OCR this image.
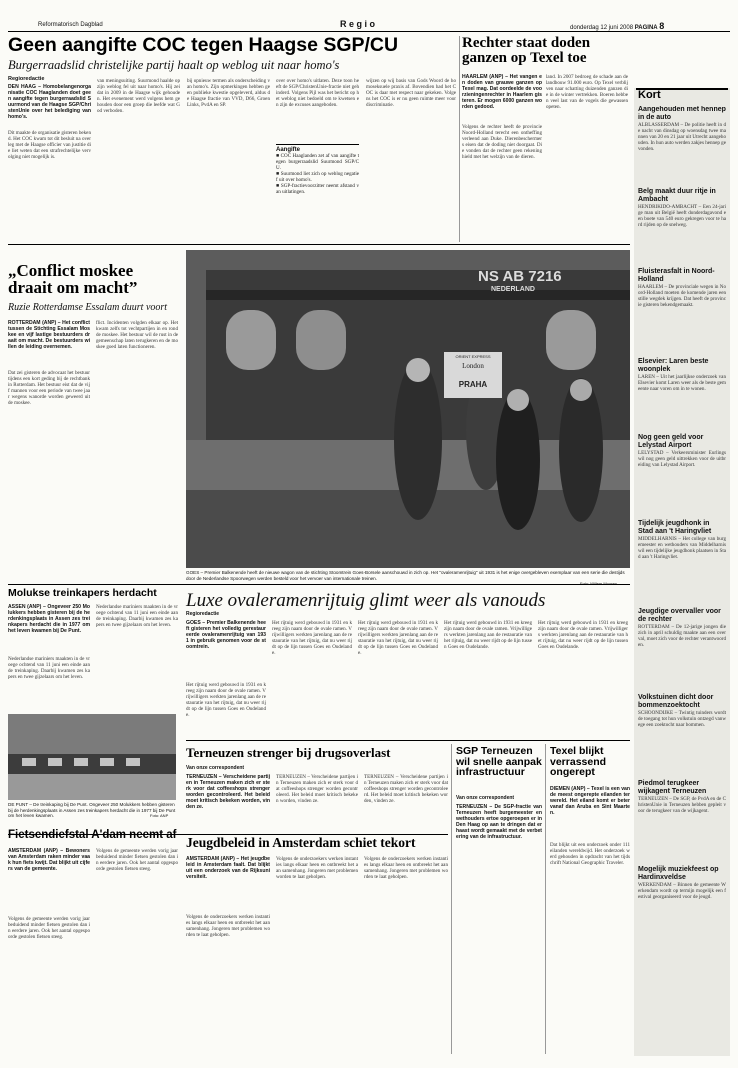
Reformatorisch Dagblad	R e g i o	donderdag 12 juni 2008 PAGINA 8
Geen aangifte COC tegen Haagse SGP/CU
Burgerraadslid christelijke partij haalt op weblog uit naar homo's
Regioredactie
DEN HAAG – Homobelangenorganisatie COC Haaglanden doet geen aangifte tegen burgerraadslid Suurmond van de Haagse SGP/ChristenUnie over het belediging van homo's.
Dit maakte de organisatie gisteren bekend. Het COC kwam tot dit besluit na overleg met de Haagse officier van justitie die liet weten dat een strafrechtelijke vervolging niet mogelijk is.
van meningsuiting. Suurmond haalde op zijn weblog fel uit naar homo's. Hij zei dat in 2009 in de Haagse wijk gehouden. Het evenement werd volgens hem gehouden door een groep die leefde wat God verboden.
bij opnieuw termen als onderscheiding van homo's. Zijn opmerkingen hebben geen publieke kwestie opgeleverd, aldus de Haagse fractie van VVD, D66, GroenLinks, PvdA en SP.
over over homo's uitlaten. Deze toon heeft de SGP/ChristenUnie-fractie niet gehinderd. Volgens Pijl was het bericht op het weblog niet bedoeld om te kwetsen en zijn de excuses aangeboden.
Aangifte
■ COC Haaglanden zet af van aangifte tegen burgerraadslid Suurmond SGP/CU.
■ Suurmond liet zich op weblog negatief uit over homo's.
■ SGP-fractievoorzitter neemt afstand van uitlatingen.
wijzen op wij basis van Gods Woord de homoseksuele praxis af. Bovendien had het COC is daar met respect naar gekeken. Volgens het COC is er nu geen ruimte meer voor discriminatie.
Rechter staat doden ganzen op Texel toe
HAARLEM (ANP) – Het vangen en doden van grauwe ganzen op Texel mag. Dat oordeelde de voorzieningenrechter in Haarlem gisteren. Er mogen 6000 ganzen worden gedood.
Volgens de rechter heeft de provincie Noord-Holland terecht een ontheffing verleend aan Duke. Dierenbeschermers eisen dat de doding niet doorgaat. Die vonden dat de rechter geen rekening hield met het welzijn van de dieren.
land. In 2007 bedroeg de schade aan de landbouw 91.000 euro. Op Texel verblijven naar schatting duizenden ganzen die in de winter vertrekken. Boeren hebben veel last van de vogels die gewassen opeten.
Kort
Aangehouden met hennep in de auto
ALBLASSERDAM – De politie heeft in de nacht van dinsdag op woensdag twee mannen van 20 en 21 jaar uit Utrecht aangehouden. In hun auto werden zakjes hennep gevonden.
Belg maakt duur ritje in Ambacht
HENDRIKIDO-AMBACHT – Een 24-jarige man uit België heeft donderdagavond een boete van 540 euro gekregen voor te hard rijden op de snelweg.
Fluisterasfalt in Noord-Holland
HAARLEM – De provinciale wegen in Noord-Holland moeten de komende jaren een stille wegdek krijgen. Dat heeft de provincie gisteren bekendgemaakt.
Elsevier: Laren beste woonplek
LAREN – Uit het jaarlijkse onderzoek van Elsevier komt Laren weer als de beste gemeente naar voren om in te wonen.
Nog geen geld voor Lelystad Airport
LELYSTAD – Verkeersminister Eurlings wil nog geen geld uittrekken voor de uitbreiding van Lelystad Airport.
Tijdelijk jeugdhonk in Stad aan 't Haringvliet
MIDDELHARNIS – Het college van burgemeester en wethouders van Middelharnis wil een tijdelijke jeugdhonk plaatsen in Stad aan 't Haringvliet.
Jeugdige overvaller voor de rechter
ROTTERDAM – De 12-jarige jongen die zich in april schuldig maakte aan een overval, moet zich voor de rechter verantwoorden.
Volkstuinen dicht door bommenzoektocht
SCHOONDIJKE – Twintig tuinders wordt de toegang tot hun volkstuin ontzegd vanwege een zoektocht naar bommen.
Piedmol terugkeer wijkagent Terneuzen
TERNEUZEN – De SGP, de PvdA en de ChristenUnie in Terneuzen hebben gepleit voor de terugkeer van de wijkagent.
Mogelijk muziekfeest op Hardinxveldse
WERKENDAM – Binnen de gemeente Werkendam wordt op termijn mogelijk een festival georganiseerd voor de jeugd.
„Conflict moskee draait om macht”
Ruzie Rotterdamse Essalam duurt voort
ROTTERDAM (ANP) – Het conflict tussen de Stichting Essalam Moskee en vijf lastige bestuurders draait om macht. De bestuurders willen de leiding overnemen.
Dat zei gisteren de advocaat het bestuur tijdens een kort geding bij de rechtbank in Rotterdam. Het bestuur eist dat de vijf mannen voor een periode van twee jaar wegens wanorde worden geweerd uit de moskee.
flict. Incidenten volgden elkaar op. Het kwam zelfs tot vechtpartijen in en rond de moskee. Het bestuur wil de rust in de gemeenschap laten terugkeren en de moskee goed laten functioneren.
NS AB 7216
NEDERLAND
ORIENT EXPRESS
London
PRAHA
GOES – Premier Balkenende heeft de nieuwe wagon van de stichting Stoomtrein Goes-Borsele aanschouwd in zich op. Het "ovaleramenrijtuig" uit 1931 is het enige overgebleven exemplaar van een serie die destijds door de Nederlandse Spoorwegen werden besteld voor het vervoer van internationale treinen.
Foto: Willem Mooren
Molukse treinkapers herdacht
ASSEN (ANP) – Ongeveer 250 Molukkers hebben gisteren bij de herdenkingsplaats in Assen zes treinkapers herdacht die in 1977 om het leven kwamen bij De Punt.
Nederlandse mariniers maakten in de vroege ochtend van 11 juni een einde aan de treinkaping. Daarbij kwamen zes kapers en twee gijzelaars om het leven.
Nederlandse mariniers maakten in de vroege ochtend van 11 juni een einde aan de treinkaping. Daarbij kwamen zes kapers en twee gijzelaars om het leven.
DE PUNT – De treinkaping bij De Punt. Ongeveer 250 Molukkers hebben gisteren bij de herdenkingsplaats in Assen zes treinkapers herdacht die in 1977 bij De Punt om het leven kwamen.	Foto: ANP
Luxe ovaleramenrijtuig glimt weer als vanouds
Regioredactie
GOES – Premier Balkenende heeft gisteren het volledig gerestaureerde ovaleramenrijtuig van 1931 in gebruik genomen voor de stoomtrein.
Het rijtuig werd gebouwd in 1931 en kreeg zijn naam door de ovale ramen. Vrijwilligers werkten jarenlang aan de restauratie van het rijtuig, dat nu weer rijdt op de lijn tussen Goes en Oudelande.
Het rijtuig werd gebouwd in 1931 en kreeg zijn naam door de ovale ramen. Vrijwilligers werkten jarenlang aan de restauratie van het rijtuig, dat nu weer rijdt op de lijn tussen Goes en Oudelande.
Het rijtuig werd gebouwd in 1931 en kreeg zijn naam door de ovale ramen. Vrijwilligers werkten jarenlang aan de restauratie van het rijtuig, dat nu weer rijdt op de lijn tussen Goes en Oudelande.
Het rijtuig werd gebouwd in 1931 en kreeg zijn naam door de ovale ramen. Vrijwilligers werkten jarenlang aan de restauratie van het rijtuig, dat nu weer rijdt op de lijn tussen Goes en Oudelande.
Het rijtuig werd gebouwd in 1931 en kreeg zijn naam door de ovale ramen. Vrijwilligers werkten jarenlang aan de restauratie van het rijtuig, dat nu weer rijdt op de lijn tussen Goes en Oudelande.
Terneuzen strenger bij drugsoverlast
Van onze correspondent
TERNEUZEN – Verscheidene partijen in Terneuzen maken zich er sterk voor dat coffeeshops strenger worden gecontroleerd. Het beleid moet kritisch bekeken worden, vinden ze.
TERNEUZEN – Verscheidene partijen in Terneuzen maken zich er sterk voor dat coffeeshops strenger worden gecontroleerd. Het beleid moet kritisch bekeken worden, vinden ze.
TERNEUZEN – Verscheidene partijen in Terneuzen maken zich er sterk voor dat coffeeshops strenger worden gecontroleerd. Het beleid moet kritisch bekeken worden, vinden ze.
SGP Terneuzen wil snelle aanpak infrastructuur
Van onze correspondent
TERNEUZEN – De SGP-fractie van Terneuzen heeft burgemeester en wethouders ertoe opgeroepen er in Den Haag op aan te dringen dat er haast wordt gemaakt met de verbetering van de infrastructuur.
Texel blijkt verrassend ongerept
DIEMEN (ANP) – Texel is een van de meest ongerepte eilanden ter wereld. Het eiland komt er beter vanaf dan Aruba en Sint Maarten.
Dat blijkt uit een onderzoek onder 111 eilanden wereldwijd. Het onderzoek werd gehouden in opdracht van het tijdschrift National Geographic Traveler.
Fietsendiefstal A'dam neemt af
AMSTERDAM (ANP) – Bewoners van Amsterdam raken minder vaak hun fiets kwijt. Dat blijkt uit cijfers van de gemeente.
Volgens de gemeente werden vorig jaar beduidend minder fietsen gestolen dan in eerdere jaren. Ook het aantal opgespoorde gestolen fietsen steeg.
Volgens de gemeente werden vorig jaar beduidend minder fietsen gestolen dan in eerdere jaren. Ook het aantal opgespoorde gestolen fietsen steeg.
Jeugdbeleid in Amsterdam schiet tekort
AMSTERDAM (ANP) – Het jeugdbeleid in Amsterdam faalt. Dat blijkt uit een onderzoek van de Rijksuniversiteit.
Volgens de onderzoekers werken instanties langs elkaar heen en ontbreekt het aan samenhang. Jongeren met problemen worden te laat geholpen.
Volgens de onderzoekers werken instanties langs elkaar heen en ontbreekt het aan samenhang. Jongeren met problemen worden te laat geholpen.
Volgens de onderzoekers werken instanties langs elkaar heen en ontbreekt het aan samenhang. Jongeren met problemen worden te laat geholpen.
